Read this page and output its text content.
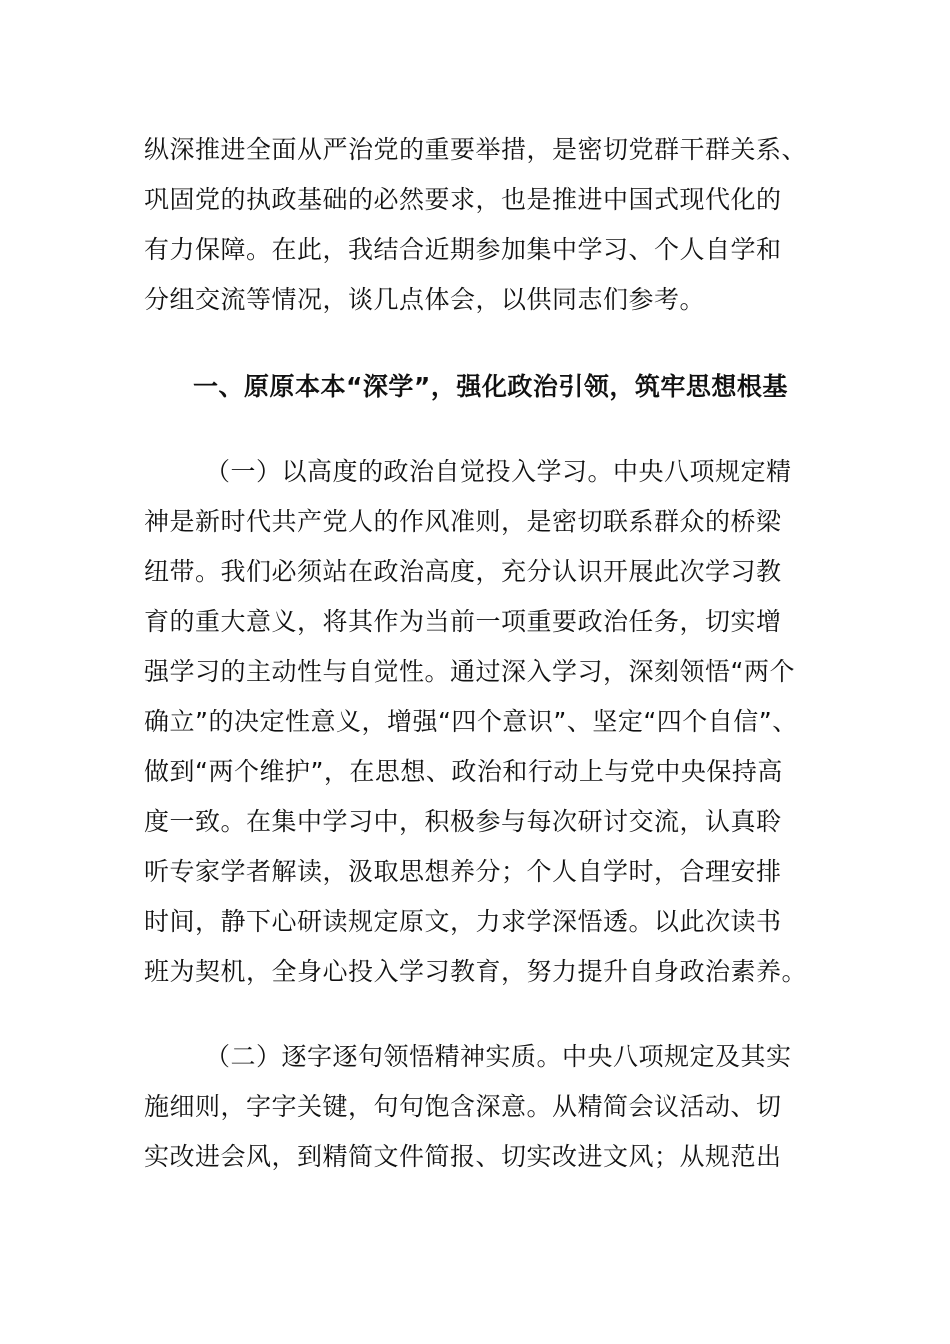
纵深推进全面从严治党的重要举措，是密切党群干群关系、
巩固党的执政基础的必然要求，也是推进中国式现代化的
有力保障。在此，我结合近期参加集中学习、个人自学和
分组交流等情况，谈几点体会，以供同志们参考。
一、原原本本“深学”，强化政治引领，筑牢思想根基
（一）以高度的政治自觉投入学习。中央八项规定精
神是新时代共产党人的作风准则，是密切联系群众的桥梁
纽带。我们必须站在政治高度，充分认识开展此次学习教
育的重大意义，将其作为当前一项重要政治任务，切实增
强学习的主动性与自觉性。通过深入学习，深刻领悟“两个
确立”的决定性意义，增强“四个意识”、坚定“四个自信”、
做到“两个维护”，在思想、政治和行动上与党中央保持高
度一致。在集中学习中，积极参与每次研讨交流，认真聆
听专家学者解读，汲取思想养分；个人自学时，合理安排
时间，静下心研读规定原文，力求学深悟透。以此次读书
班为契机，全身心投入学习教育，努力提升自身政治素养。
（二）逐字逐句领悟精神实质。中央八项规定及其实
施细则，字字关键，句句饱含深意。从精简会议活动、切
实改进会风，到精简文件简报、切实改进文风；从规范出
